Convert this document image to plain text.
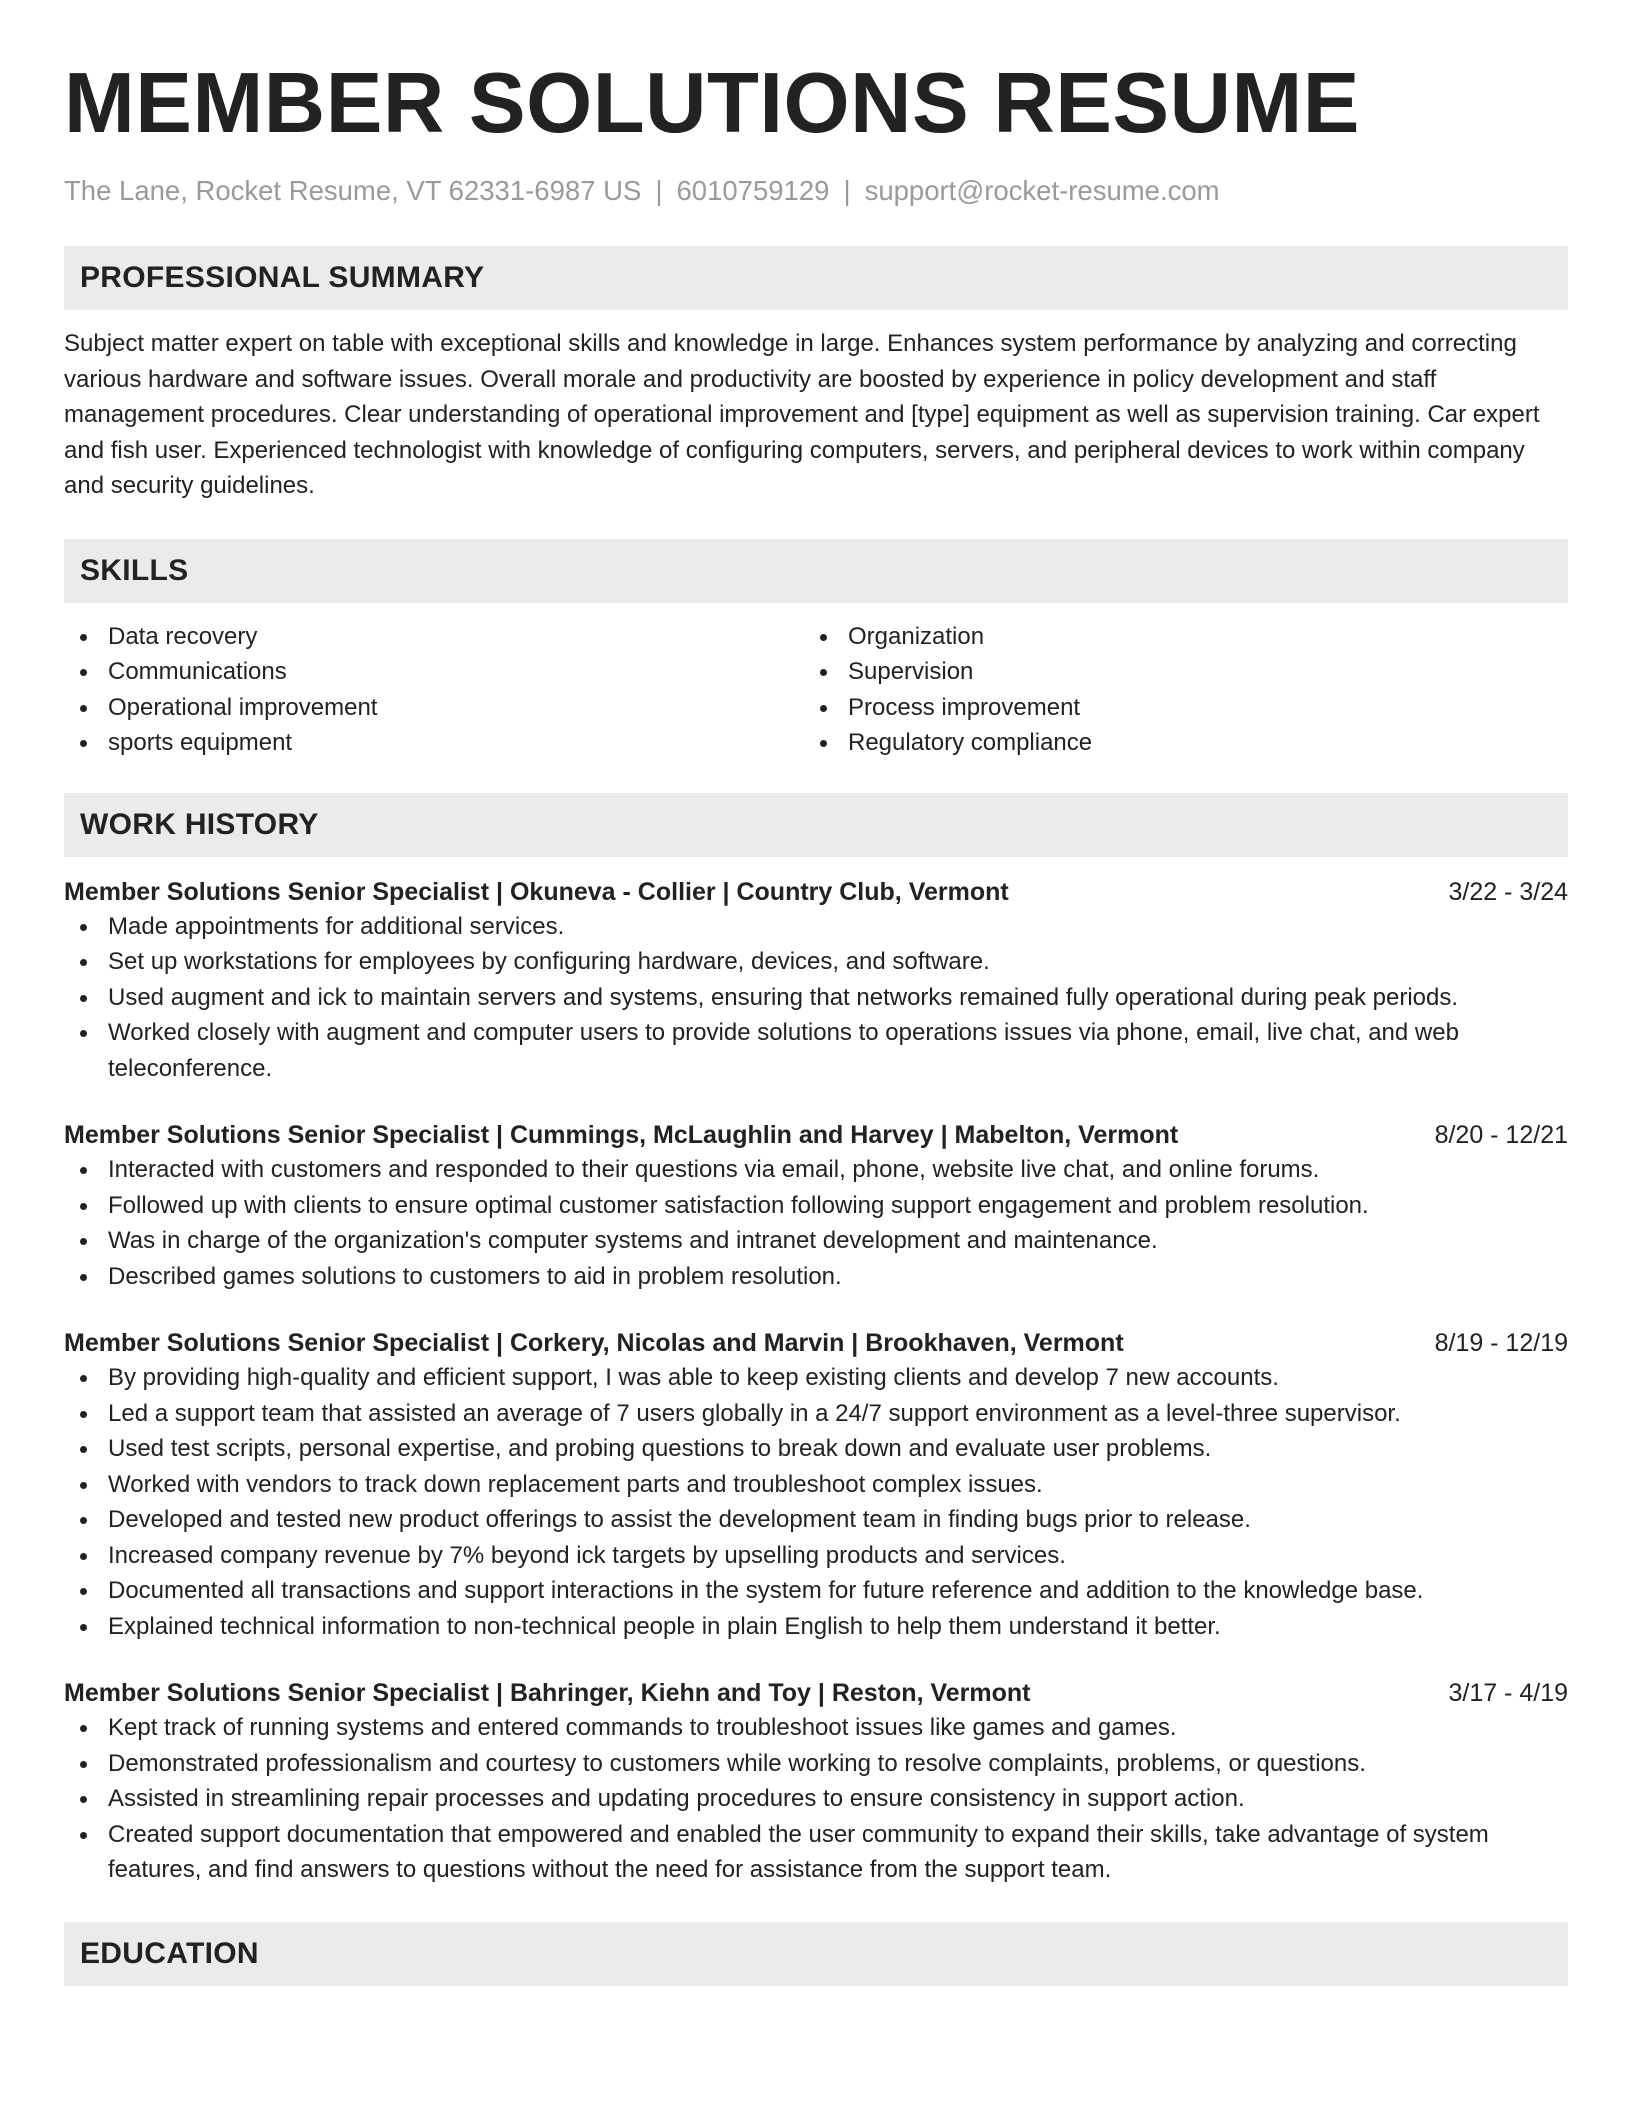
MEMBER SOLUTIONS RESUME
The Lane, Rocket Resume, VT 62331-6987 US | 6010759129 | support@rocket-resume.com
PROFESSIONAL SUMMARY
Subject matter expert on table with exceptional skills and knowledge in large. Enhances system performance by analyzing and correcting various hardware and software issues. Overall morale and productivity are boosted by experience in policy development and staff management procedures. Clear understanding of operational improvement and [type] equipment as well as supervision training. Car expert and fish user. Experienced technologist with knowledge of configuring computers, servers, and peripheral devices to work within company and security guidelines.
SKILLS
Data recovery
Communications
Operational improvement
sports equipment
Organization
Supervision
Process improvement
Regulatory compliance
WORK HISTORY
Member Solutions Senior Specialist | Okuneva - Collier | Country Club, Vermont	3/22 - 3/24
Made appointments for additional services.
Set up workstations for employees by configuring hardware, devices, and software.
Used augment and ick to maintain servers and systems, ensuring that networks remained fully operational during peak periods.
Worked closely with augment and computer users to provide solutions to operations issues via phone, email, live chat, and web teleconference.
Member Solutions Senior Specialist | Cummings, McLaughlin and Harvey | Mabelton, Vermont	8/20 - 12/21
Interacted with customers and responded to their questions via email, phone, website live chat, and online forums.
Followed up with clients to ensure optimal customer satisfaction following support engagement and problem resolution.
Was in charge of the organization's computer systems and intranet development and maintenance.
Described games solutions to customers to aid in problem resolution.
Member Solutions Senior Specialist | Corkery, Nicolas and Marvin | Brookhaven, Vermont	8/19 - 12/19
By providing high-quality and efficient support, I was able to keep existing clients and develop 7 new accounts.
Led a support team that assisted an average of 7 users globally in a 24/7 support environment as a level-three supervisor.
Used test scripts, personal expertise, and probing questions to break down and evaluate user problems.
Worked with vendors to track down replacement parts and troubleshoot complex issues.
Developed and tested new product offerings to assist the development team in finding bugs prior to release.
Increased company revenue by 7% beyond ick targets by upselling products and services.
Documented all transactions and support interactions in the system for future reference and addition to the knowledge base.
Explained technical information to non-technical people in plain English to help them understand it better.
Member Solutions Senior Specialist | Bahringer, Kiehn and Toy | Reston, Vermont	3/17 - 4/19
Kept track of running systems and entered commands to troubleshoot issues like games and games.
Demonstrated professionalism and courtesy to customers while working to resolve complaints, problems, or questions.
Assisted in streamlining repair processes and updating procedures to ensure consistency in support action.
Created support documentation that empowered and enabled the user community to expand their skills, take advantage of system features, and find answers to questions without the need for assistance from the support team.
EDUCATION
